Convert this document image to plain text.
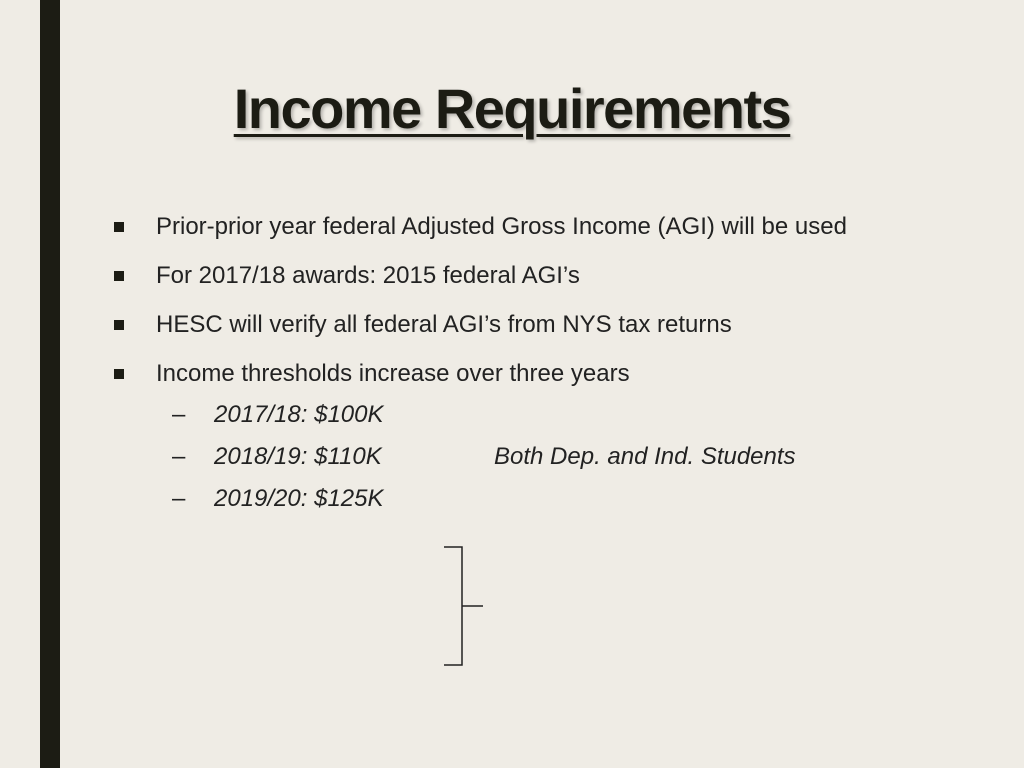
Income Requirements
Prior-prior year federal Adjusted Gross Income (AGI) will be used
For 2017/18 awards: 2015 federal AGI’s
HESC will verify all federal AGI’s from NYS tax returns
Income thresholds increase over three years
– 2017/18: $100K
– 2018/19: $110K	Both Dep. and Ind. Students
– 2019/20: $125K
